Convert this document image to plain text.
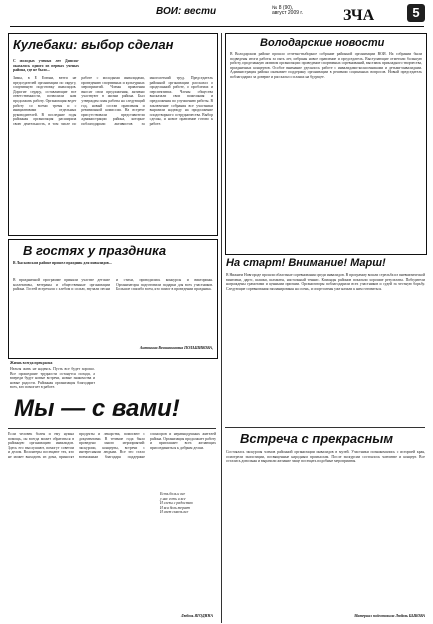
ВОИ: вести	№ 8 (90),
август 2009 г.	ЗЧА	5
Кулебаки: выбор сделан

С молодых ученых лет Дипсон-оказалось одного из первых ученых района, где не было...

Зимы, в Е Еоюни, везти не председателей организации по округу, спортивную подготовку инвалидов. Дорогие сердцу, оставляющие все ответственности, позволили нам продолжать работу. Организация ведет работу со всеми тремя и с инициативами отдельных руководителей. В последние годы районная организация расширила свою деятельность, в том числе по работе с молодыми инвалидами, проведению спортивных и культурных мероприятий. Члены правления вносят свои предложения, активно участвуют в жизни района. Был утвержден план работы на следующий год, новый состав правления и ревизионной комиссии. На встрече присутствовали представители администрации района, которые поблагодарили активистов за многолетний труд. Председатель районной организации рассказал о проделанной работе, о проблемах и перспективах. Члены общества высказали свои пожелания и предложения по улучшению работы. В заключение собрания все участники выразили надежду на продолжение плодотворного сотрудничества. Выбор сделан, и новое правление готово к работе.

В гостях у праздника

В Лысковском районе прошел праздник для инвалидов...

В праздничной программе приняли участие детские коллективы, ветераны и общественные организации района. Гостей встречали с хлебом и солью, звучали песни и стихи, проводились конкурсы и викторины. Организаторы подготовили подарки для всех участников. Большое спасибо всем, кто помог в проведении праздника.

Антонина Вениаминовна ПОЛЬШИКОВА,

Жизнь всегда прекрасна

Нельзя жить не надеясь. Пусть все будет хорошо. Все прошедшие трудности останутся позади, а впереди будут новые встречи, новые знакомства и новые радости. Районная организация благодарит всех, кто помогает в работе.

Мы — с вами!

Если человек болен и ему нужна помощь, он всегда может обратиться в районную организацию инвалидов. Здесь его выслушают, помогут советом и делом. Волонтеры посещают тех, кто не может выходить из дома, приносят продукты и лекарства, помогают с документами. В течение года было проведено много мероприятий: экскурсии, концерты, встречи с интересными людьми. Все это стало возможным благодаря поддержке спонсоров и неравнодушных жителей района. Организация продолжает работу и приглашает всех желающих присоединиться к добрым делам.

Есть боль и все

у нас есть и все

И слезы с радостью

И вся боль теряет

И свет сквозь все

Любовь ЯГОДИНА
Володарские новости

В Володарском районе прошло отчетно-выборное собрание районной организации ВОИ. На собрании были подведены итоги работы за пять лет, избраны новое правление и председатель. Выступающие отметили большую работу, проделанную активом организации: проведение спортивных соревнований, выставок прикладного творчества, праздничных концертов. Особое внимание уделялось работе с инвалидами-колясочниками и детьми-инвалидами. Администрация района оказывает поддержку организации в решении социальных вопросов. Новый председатель поблагодарил за доверие и рассказал о планах на будущее.

На старт! Внимание! Марш!

В Нижнем Новгороде прошли областные соревнования среди инвалидов. В программу вошли стрельба из пневматической винтовки, дартс, шашки, шахматы, настольный теннис. Команды районов показали хорошие результаты. Победители награждены грамотами и ценными призами. Организаторы поблагодарили всех участников и судей за честную борьбу. Следующие соревнования запланированы на осень, и спортсмены уже начали к ним готовиться.

Встреча с прекрасным

Состоялась экскурсия членов районной организации инвалидов в музей. Участники познакомились с историей края, осмотрели экспозиции, посвященные народным промыслам. После экскурсии состоялось чаепитие и концерт. Все остались довольны и выразили желание чаще посещать подобные мероприятия.

Материал подготовила Любовь БЫКОВА
